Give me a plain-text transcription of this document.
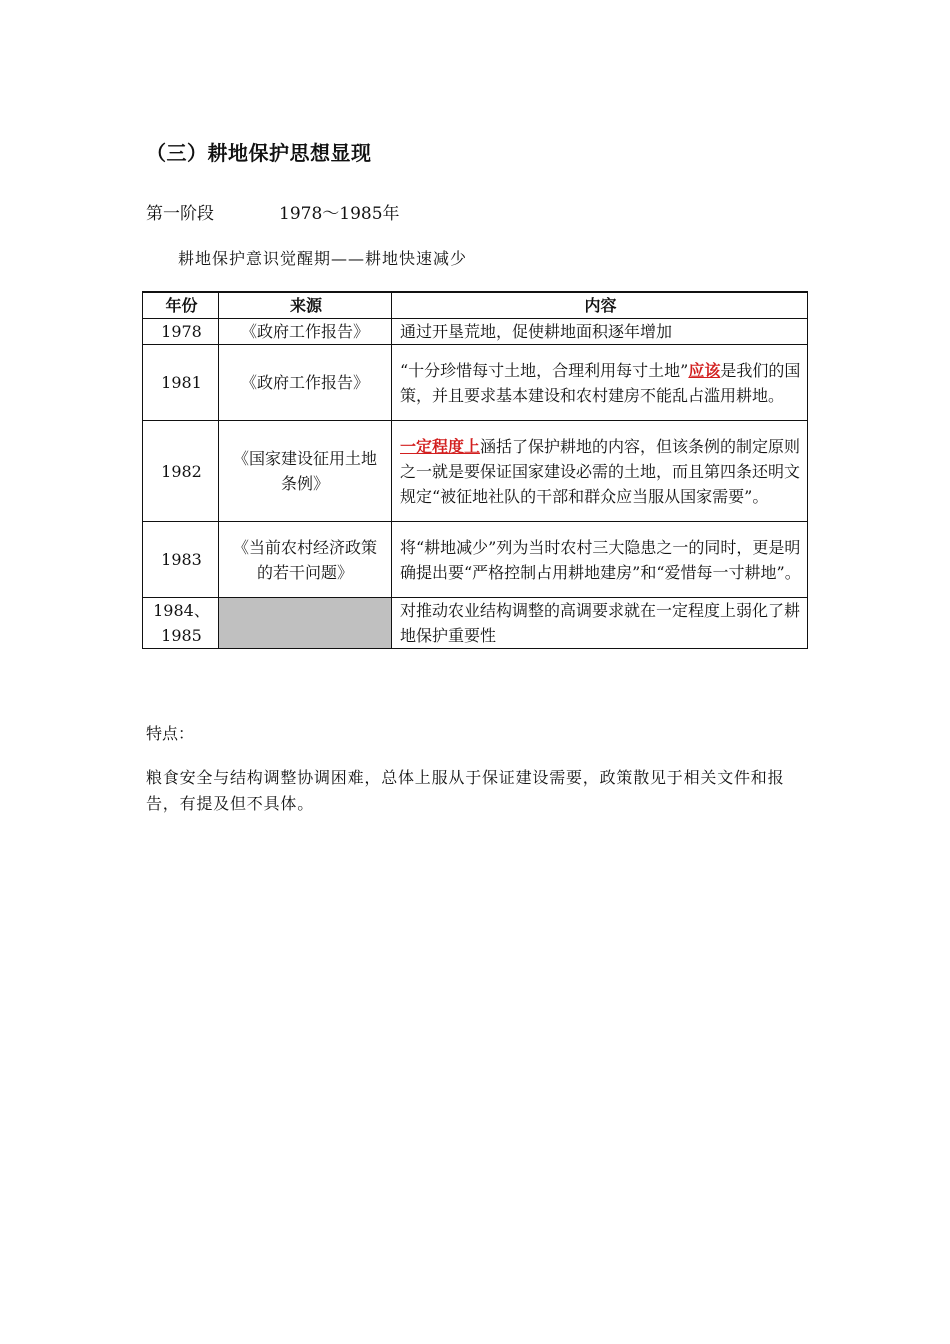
（三）耕地保护思想显现
第一阶段	1978～1985年
耕地保护意识觉醒期——耕地快速减少
年份	来源	内容
1978	《政府工作报告》	通过开垦荒地，促使耕地面积逐年增加
1981	《政府工作报告》	“十分珍惜每寸土地，合理利用每寸土地”应该是我们的国策，并且要求基本建设和农村建房不能乱占滥用耕地。
1982	《国家建设征用土地条例》	一定程度上涵括了保护耕地的内容，但该条例的制定原则之一就是要保证国家建设必需的土地，而且第四条还明文规定“被征地社队的干部和群众应当服从国家需要”。
1983	《当前农村经济政策的若干问题》	将“耕地减少”列为当时农村三大隐患之一的同时，更是明确提出要“严格控制占用耕地建房”和“爱惜每一寸耕地”。
1984、1985		对推动农业结构调整的高调要求就在一定程度上弱化了耕地保护重要性
特点：
粮食安全与结构调整协调困难，总体上服从于保证建设需要，政策散见于相关文件和报告，有提及但不具体。
